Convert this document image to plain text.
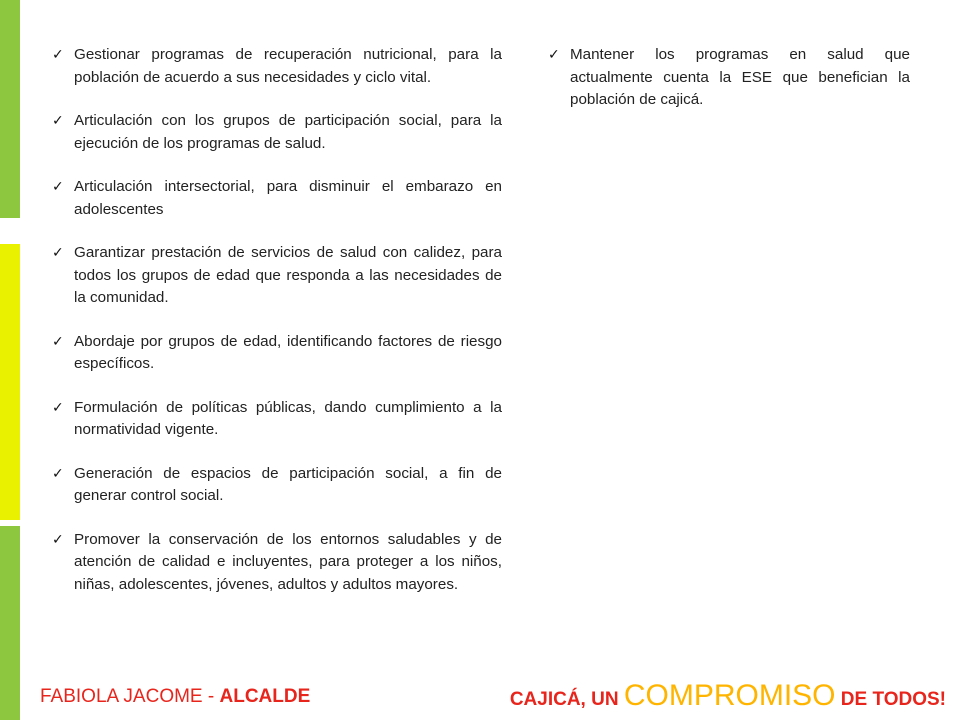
✓ Gestionar programas de recuperación nutricional, para la población de acuerdo a sus necesidades y ciclo vital.
✓ Articulación con los grupos de participación social, para la ejecución de los programas de salud.
✓ Articulación intersectorial, para disminuir el embarazo en adolescentes
✓ Garantizar prestación de servicios de salud con calidez, para todos los grupos de edad que responda a las necesidades de la comunidad.
✓ Abordaje por grupos de edad, identificando factores de riesgo específicos.
✓ Formulación de políticas públicas, dando cumplimiento a la normatividad vigente.
✓ Generación de espacios de participación social, a fin de generar control social.
✓ Promover la conservación de los entornos saludables y de atención de calidad e incluyentes, para proteger a los niños, niñas, adolescentes, jóvenes, adultos y adultos mayores.
✓ Mantener los programas en salud que actualmente cuenta la ESE que benefician la población de cajicá.
FABIOLA JACOME - ALCALDE	CAJICÁ, UN COMPROMISO DE TODOS!
